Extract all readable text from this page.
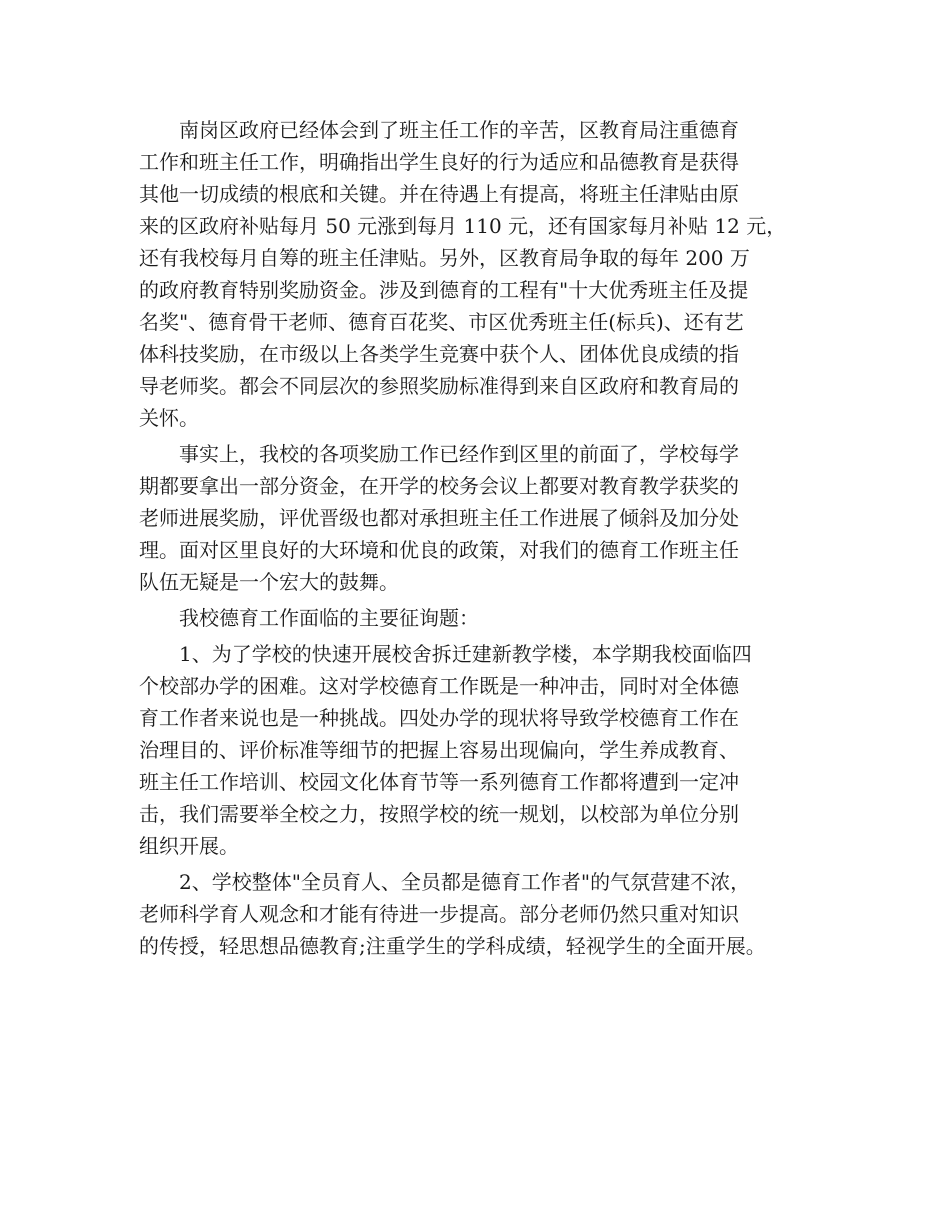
　　南岗区政府已经体会到了班主任工作的辛苦，区教育局注重德育
工作和班主任工作，明确指出学生良好的行为适应和品德教育是获得
其他一切成绩的根底和关键。并在待遇上有提高，将班主任津贴由原
来的区政府补贴每月 50 元涨到每月 110 元，还有国家每月补贴 12 元，
还有我校每月自筹的班主任津贴。另外，区教育局争取的每年 200 万
的政府教育特别奖励资金。涉及到德育的工程有"十大优秀班主任及提
名奖"、德育骨干老师、德育百花奖、市区优秀班主任(标兵)、还有艺
体科技奖励，在市级以上各类学生竞赛中获个人、团体优良成绩的指
导老师奖。都会不同层次的参照奖励标准得到来自区政府和教育局的
关怀。
　　事实上，我校的各项奖励工作已经作到区里的前面了，学校每学
期都要拿出一部分资金，在开学的校务会议上都要对教育教学获奖的
老师进展奖励，评优晋级也都对承担班主任工作进展了倾斜及加分处
理。面对区里良好的大环境和优良的政策，对我们的德育工作班主任
队伍无疑是一个宏大的鼓舞。
　　我校德育工作面临的主要征询题：
　　1、为了学校的快速开展校舍拆迁建新教学楼，本学期我校面临四
个校部办学的困难。这对学校德育工作既是一种冲击，同时对全体德
育工作者来说也是一种挑战。四处办学的现状将导致学校德育工作在
治理目的、评价标准等细节的把握上容易出现偏向，学生养成教育、
班主任工作培训、校园文化体育节等一系列德育工作都将遭到一定冲
击，我们需要举全校之力，按照学校的统一规划，以校部为单位分别
组织开展。
　　2、学校整体"全员育人、全员都是德育工作者"的气氛营建不浓，
老师科学育人观念和才能有待进一步提高。部分老师仍然只重对知识
的传授，轻思想品德教育;注重学生的学科成绩，轻视学生的全面开展。
